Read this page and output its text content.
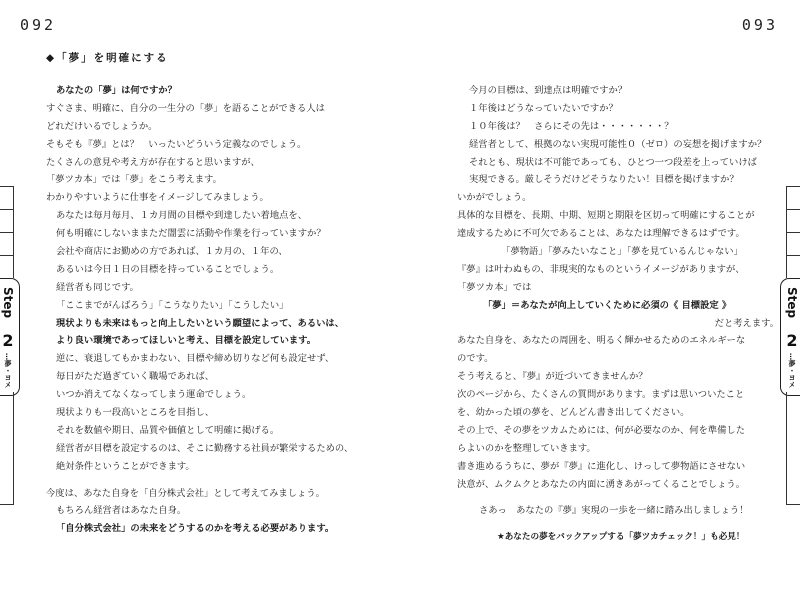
092
◆「夢」を明確にする
あなたの「夢」は何ですか？
すぐさま、明確に、自分の一生分の「夢」を語ることができる人は
どれだけいるでしょうか。
そもそも『夢』とは？　いったいどういう定義なのでしょう。
たくさんの意見や考え方が存在すると思いますが、
「夢ツカ本」では「夢」をこう考えます。
わかりやすいように仕事をイメージしてみましょう。
あなたは毎月毎月、１カ月間の目標や到達したい着地点を、
何も明確にしないままただ闇雲に活動や作業を行っていますか？
会社や商店にお勤めの方であれば、１カ月の、１年の、
あるいは今日１日の目標を持っていることでしょう。
経営者も同じです。
「ここまでがんばろう」「こうなりたい」「こうしたい」
現状よりも未来はもっと向上したいという願望によって、あるいは、
より良い環境であってほしいと考え、目標を設定しています。
逆に、衰退してもかまわない、目標や締め切りなど何も設定せず、
毎日がただ過ぎていく職場であれば、
いつか消えてなくなってしまう運命でしょう。
現状よりも一段高いところを目指し、
それを数値や期日、品質や価値として明確に掲げる。
経営者が目標を設定するのは、そこに勤務する社員が繁栄するための、
絶対条件ということができます。
今度は、あなた自身を「自分株式会社」として考えてみましょう。
もちろん経営者はあなた自身。
「自分株式会社」の未来をどうするのかを考える必要があります。
Step
2
…夢・ヨメ
093
今月の目標は、到達点は明確ですか？
１年後はどうなっていたいですか？
１０年後は？　さらにその先は・・・・・・・？
経営者として、根拠のない実現可能性０（ゼロ）の妄想を掲げますか？
それとも、現状は不可能であっても、ひとつ一つ段差を上っていけば
実現できる。厳しそうだけどそうなりたい！目標を掲げますか？
いかがでしょう。
具体的な目標を、長期、中期、短期と期限を区切って明確にすることが
達成するために不可欠であることは、あなたは理解できるはずです。
「夢物語」「夢みたいなこと」「夢を見ているんじゃない」
『夢』は叶わぬもの、非現実的なものというイメージがありますが、
「夢ツカ本」では
「夢」＝あなたが向上していくために必須の《 目標設定 》
だと考えます。
あなた自身を、あなたの周囲を、明るく輝かせるためのエネルギーな
のです。
そう考えると、『夢』が近づいてきませんか？
次のページから、たくさんの質問があります。まずは思いついたこと
を、幼かった頃の夢を、どんどん書き出してください。
その上で、その夢をツカムためには、何が必要なのか、何を準備した
らよいのかを整理していきます。
書き進めるうちに、夢が『夢』に進化し、けっして夢物語にさせない
決意が、ムクムクとあなたの内面に湧きあがってくることでしょう。
さあっ　あなたの『夢』実現の一歩を一緒に踏み出しましょう！
★あなたの夢をバックアップする「夢ツカチェック！」も必見！
Step
2
…夢・ヨメ
